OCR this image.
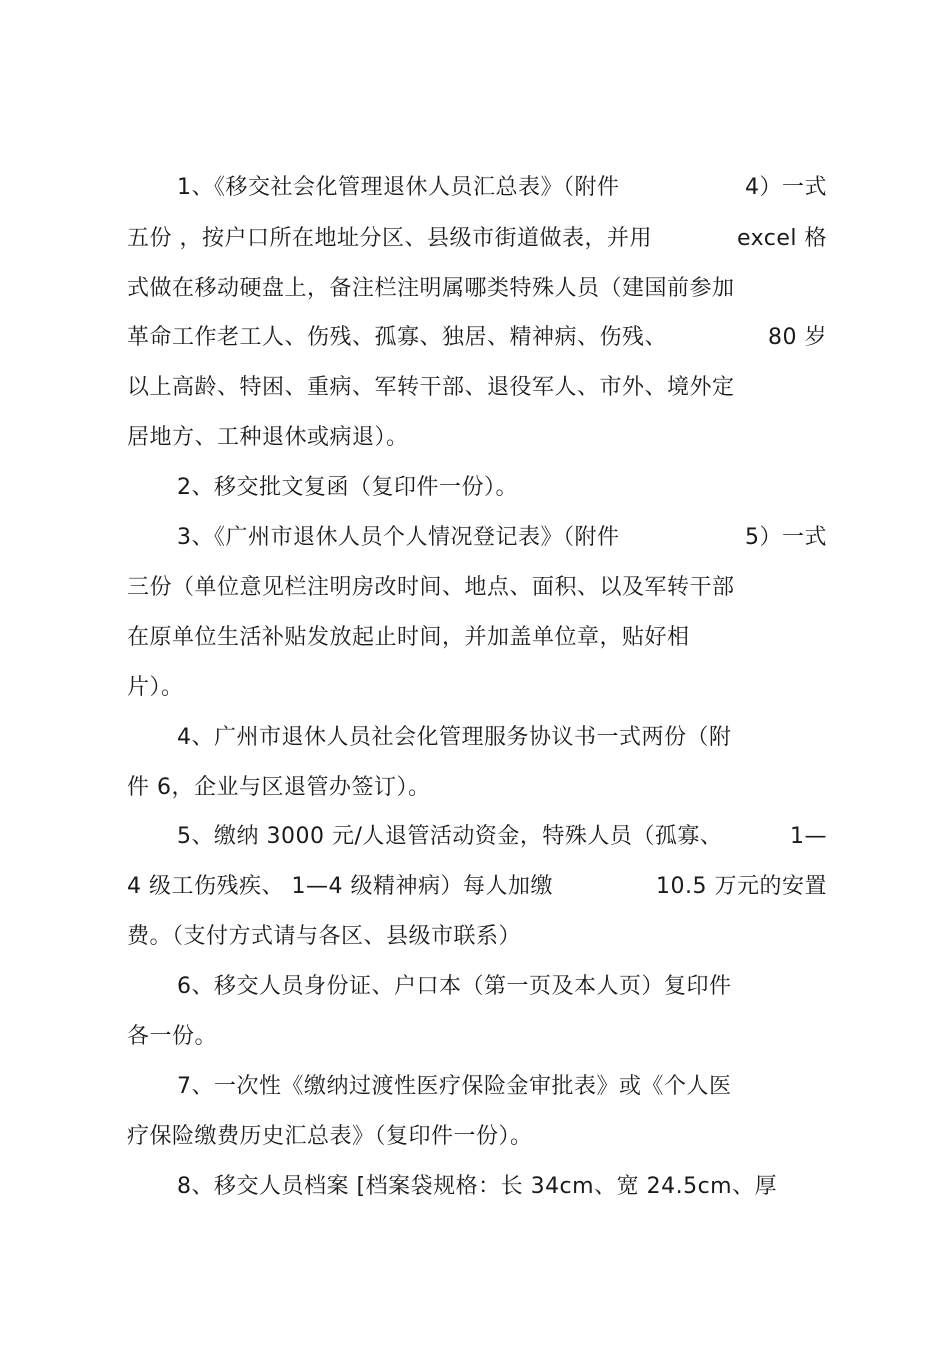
1、《移交社会化管理退休人员汇总表》（附件	4）一式
五份 ，按户口所在地址分区、县级市街道做表，并用	excel 格
式做在移动硬盘上，备注栏注明属哪类特殊人员（建国前参加
革命工作老工人、伤残、孤寡、独居、精神病、伤残、	80 岁
以上高龄、特困、重病、军转干部、退役军人、市外、境外定
居地方、工种退休或病退）。
2、移交批文复函（复印件一份）。
3、《广州市退休人员个人情况登记表》（附件	5）一式
三份（单位意见栏注明房改时间、地点、面积、以及军转干部
在原单位生活补贴发放起止时间，并加盖单位章，贴好相
片）。
4、广州市退休人员社会化管理服务协议书一式两份（附
件 6，企业与区退管办签订）。
5、缴纳 3000 元/人退管活动资金，特殊人员（孤寡、	1—
4 级工伤残疾、 1—4 级精神病）每人加缴	10.5 万元的安置
费。（支付方式请与各区、县级市联系）
6、移交人员身份证、户口本（第一页及本人页）复印件
各一份。
7、一次性《缴纳过渡性医疗保险金审批表》或《个人医
疗保险缴费历史汇总表》（复印件一份）。
8、移交人员档案 [档案袋规格：长 34cm、宽 24.5cm、厚
